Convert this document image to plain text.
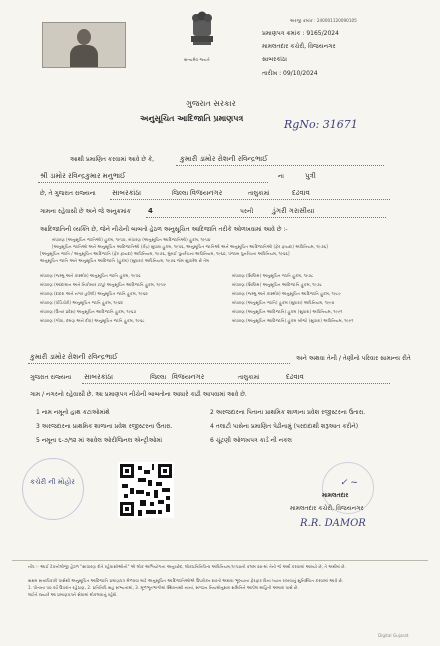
સત્યમેવ જયતે
અરજી ક્રમાંક : 240001120090105
પ્રમાણપત્ર ક્રમાંક : 9165/2024
મામલતદાર કચેરી, વિજયનગર
સાબરકાંઠા
તારીખ : 09/10/2024
ગુજરાત સરકાર
અનુસૂચિત આદિજાતિ પ્રમાણપત્ર	RgNo: 31671
આથી પ્રમાણિત કરવામાં આવે છે કે,	કુમારી ડામોર રોશની રવિન્દ્રભાઈ
શ્રી ડામોર રવિન્દ્રકુમાર મનુભાઈ	ના	પુત્રી
છે, તે ગુજરાત રાજ્યના સાબરકાંઠા	જિલ્લા વિજયનગર	તાલુકામાં	દઢવાવ
ગામના રહેવાસી છે અને જે અનુક્રમાંક 4	પરની	ડુંગરી ગરાસીયા
આદિજાતિની વ્યક્તિ છે, જેને નીચેની બાબતો હેઠળ અનુસૂચિત આદિજાતિ તરીકે ઓળખવામાં આવે છે :-
બંધારણ (અનુસૂચિત જાતિઓ) હુકમ, ૧૯૫૦, બંધારણ (અનુસૂચિત આદિજાતિઓ) હુકમ, ૧૯૫૦
[અનુસૂચિત જાતિઓ અને અનુસૂચિત આદિજાતિઓ (કેંદ્ર) સુધારા હુકમ, ૧૯૫૬, અનુસૂચિત જાતિઓ અને અનુસૂચિત આદિજાતિઓ (ફેર ફાયદા) અધિનિયમ, ૧૯૭૬]
[અનુસૂચિત જાતિ / અનુસૂચિત આદિજાતિ (ફેર ફાયદા) અધિનિયમ, ૧૯૭૬, મુંબઈ પુનર્રચના અધિનિયમ, ૧૯૬૦, પંજાબ પુનર્રચના અધિનિયમ, ૧૯૬૬]
અનુસૂચિત જાતિ અને અનુસૂચિત આદિજાતિ (હુકમ) (સુધારા) અધિનિયમ, ૧૯૭૬ જેમ સુધારેલ છે તેમ
બંધારણ (જમ્મુ અને કાશ્મીર) અનુસૂચિત જાતિ હુકમ, ૧૯૫૬
બંધારણ (આંદામાન અને નિકોબાર ટાપુ) અનુસૂચિત આદિજાતિ હુકમ, ૧૯૫૯
બંધારણ (દાદરા અને નગર હવેલી) અનુસૂચિત જાતિ હુકમ, ૧૯૬૨
બંધારણ (પોંડિચેરી) અનુસૂચિત જાતિ હુકમ, ૧૯૬૪
બંધારણ (ઉત્તર પ્રદેશ) અનુસૂચિત આદિજાતિ હુકમ, ૧૯૬૭
બંધારણ (ગોવા, દમણ અને દીવ) અનુસૂચિત જાતિ હુકમ, ૧૯૬૮
બંધારણ (સિક્કિમ) અનુસૂચિત જાતિ હુકમ, ૧૯૭૮
બંધારણ (સિક્કિમ) અનુસૂચિત આદિજાતિ હુકમ, ૧૯૭૮
બંધારણ (જમ્મુ અને કાશ્મીર) અનુસૂચિત આદિજાતિ હુકમ, ૧૯૮૯
બંધારણ (અનુસૂચિત જાતિ) હુકમ (સુધારા) અધિનિયમ, ૧૯૯૦
બંધારણ (અનુસૂચિત આદિજાતિ) હુકમ (સુધારા) અધિનિયમ, ૧૯૯૧
બંધારણ (અનુસૂચિત આદિજાતિ) હુકમ બીજો (સુધારા) અધિનિયમ, ૧૯૯૧
કુમારી ડામોર રોશની રવિન્દ્રભાઈ	અને અથવા તેની / તેણીનો પરિવાર સામાન્ય રીતે
ગુજરાત રાજ્યના સાબરકાંઠા	જિલ્લા વિજયનગર	તાલુકામાં	દઢવાવ
ગામ / નગરનો રહેવાસી છે. આ પ્રમાણપત્ર નીચેની બાબતોના આધારે કાઢી આપવામાં આવે છે.
1 નામ નમૂનો હાથ કટાઓમાંથે	2 અરજદારના પિતાના પ્રાથમિક શાળાના પ્રવેશ રજીસ્ટરના ઉતારા.
3 અરજદારના પ્રાથમિક શાળાના પ્રવેશ રજીસ્ટરના ઉતારા.	4 તલાટી પાસેના પ્રમાણિત પેઢીનામું (પરદાદાથી શરૂઆત કરીને)
5 નમૂના ૬-૭/૧૨ માં આવેલ ઓરીજિનલ એન્ટ્રીઓમાં	6 ચૂંટણી ઓળખપત્ર કાર્ડ ની નકલ
કચેરી ની મોહોર	✓ ~
મામલતદાર
મામલતદાર કચેરી, વિજયનગર
R.R. DAMOR
નોંધ :- આઈ ટેકનોલોજી હેઠળ "સાધારણ રીતે રહેવાસીઓનો" એ લોક અભિયોગના અનુચ્છેદ, લોકપ્રતિનિધિત્વ અધિનિયમ,૧૯૫૦ની કલમ ૨૦-માં તેનો જે અર્થ કરવામાં આવ્યો છે, તે અર્થમાં છે.
સક્ષમ સત્તાધિકારી પાસેથી અનુસૂચિત આદિજાતિ પ્રમાણપત્ર મેળવવા માટે અનુસૂચિત આદિજાતિઓએ ઉપરોક્ત શરતો અથવા ભૂલ્યાના ફેરફાર વિના ધ્યાન રાખવાનું સુનિશ્ચિત કરવામાં આવે છે.
1. પોતાના ૫૦ વર્ષ ઉપરાંત રહેઠાણ, 2. પ્રતિનિધિ સહ સભ્યતામાં, 3. મૂળભૂતભાગોમાં સ્થિરતાથી નાનાં, સંગઠન નિયમોનુસાર સમિતિને આપેલ માહિતી અમારા પાસે છે.
લઈને જ્યારે આ પ્રમાણપત્રને સેવામાં મોકલવાનું રહેશે.
Digital Gujarat
